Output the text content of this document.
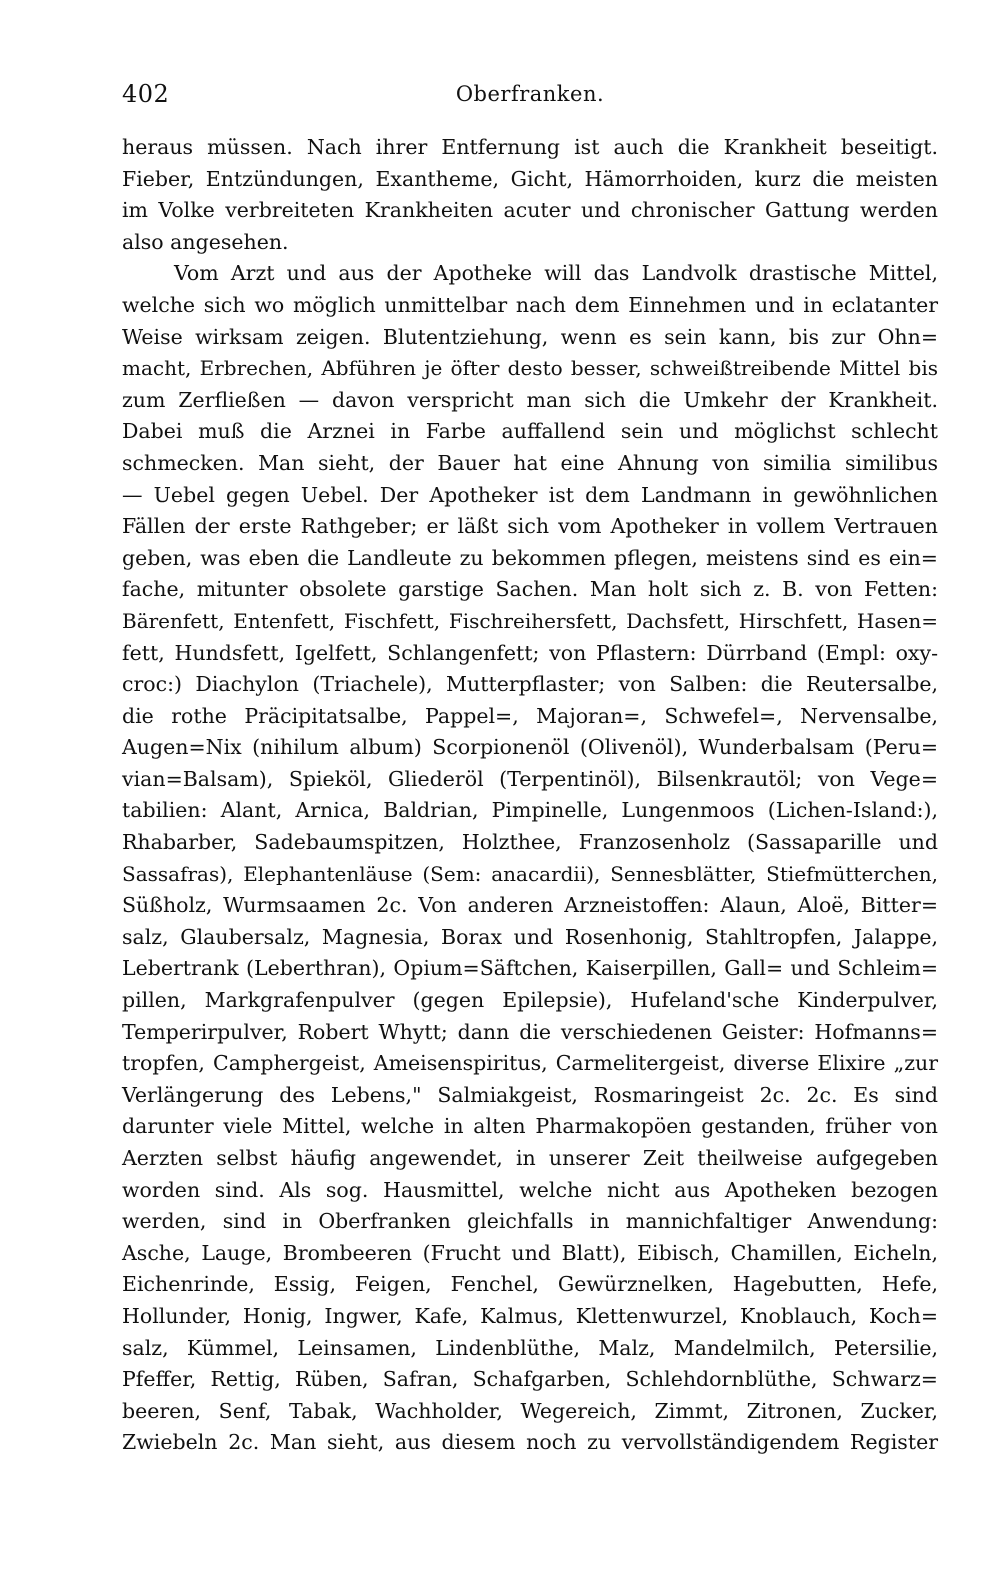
402	Oberfranken.
heraus müssen. Nach ihrer Entfernung ist auch die Krankheit beseitigt.
Fieber, Entzündungen, Exantheme, Gicht, Hämorrhoiden, kurz die meisten
im Volke verbreiteten Krankheiten acuter und chronischer Gattung werden
also angesehen.
Vom Arzt und aus der Apotheke will das Landvolk drastische Mittel,
welche sich wo möglich unmittelbar nach dem Einnehmen und in eclatanter
Weise wirksam zeigen. Blutentziehung, wenn es sein kann, bis zur Ohn=
macht, Erbrechen, Abführen je öfter desto besser, schweißtreibende Mittel bis
zum Zerfließen — davon verspricht man sich die Umkehr der Krankheit.
Dabei muß die Arznei in Farbe auffallend sein und möglichst schlecht
schmecken. Man sieht, der Bauer hat eine Ahnung von similia similibus
— Uebel gegen Uebel. Der Apotheker ist dem Landmann in gewöhnlichen
Fällen der erste Rathgeber; er läßt sich vom Apotheker in vollem Vertrauen
geben, was eben die Landleute zu bekommen pflegen, meistens sind es ein=
fache, mitunter obsolete garstige Sachen. Man holt sich z. B. von Fetten:
Bärenfett, Entenfett, Fischfett, Fischreihersfett, Dachsfett, Hirschfett, Hasen=
fett, Hundsfett, Igelfett, Schlangenfett; von Pflastern: Dürrband (Empl: oxy-
croc:) Diachylon (Triachele), Mutterpflaster; von Salben: die Reutersalbe,
die rothe Präcipitatsalbe, Pappel=, Majoran=, Schwefel=, Nervensalbe,
Augen=Nix (nihilum album) Scorpionenöl (Olivenöl), Wunderbalsam (Peru=
vian=Balsam), Spieköl, Gliederöl (Terpentinöl), Bilsenkrautöl; von Vege=
tabilien: Alant, Arnica, Baldrian, Pimpinelle, Lungenmoos (Lichen-Island:),
Rhabarber, Sadebaumspitzen, Holzthee, Franzosenholz (Sassaparille und
Sassafras), Elephantenläuse (Sem: anacardii), Sennesblätter, Stiefmütterchen,
Süßholz, Wurmsaamen 2c. Von anderen Arzneistoffen: Alaun, Aloë, Bitter=
salz, Glaubersalz, Magnesia, Borax und Rosenhonig, Stahltropfen, Jalappe,
Lebertrank (Leberthran), Opium=Säftchen, Kaiserpillen, Gall= und Schleim=
pillen, Markgrafenpulver (gegen Epilepsie), Hufeland'sche Kinderpulver,
Temperirpulver, Robert Whytt; dann die verschiedenen Geister: Hofmanns=
tropfen, Camphergeist, Ameisenspiritus, Carmelitergeist, diverse Elixire „zur
Verlängerung des Lebens," Salmiakgeist, Rosmaringeist 2c. 2c. Es sind
darunter viele Mittel, welche in alten Pharmakopöen gestanden, früher von
Aerzten selbst häufig angewendet, in unserer Zeit theilweise aufgegeben
worden sind. Als sog. Hausmittel, welche nicht aus Apotheken bezogen
werden, sind in Oberfranken gleichfalls in mannichfaltiger Anwendung:
Asche, Lauge, Brombeeren (Frucht und Blatt), Eibisch, Chamillen, Eicheln,
Eichenrinde, Essig, Feigen, Fenchel, Gewürznelken, Hagebutten, Hefe,
Hollunder, Honig, Ingwer, Kafe, Kalmus, Klettenwurzel, Knoblauch, Koch=
salz, Kümmel, Leinsamen, Lindenblüthe, Malz, Mandelmilch, Petersilie,
Pfeffer, Rettig, Rüben, Safran, Schafgarben, Schlehdornblüthe, Schwarz=
beeren, Senf, Tabak, Wachholder, Wegereich, Zimmt, Zitronen, Zucker,
Zwiebeln 2c. Man sieht, aus diesem noch zu vervollständigendem Register
